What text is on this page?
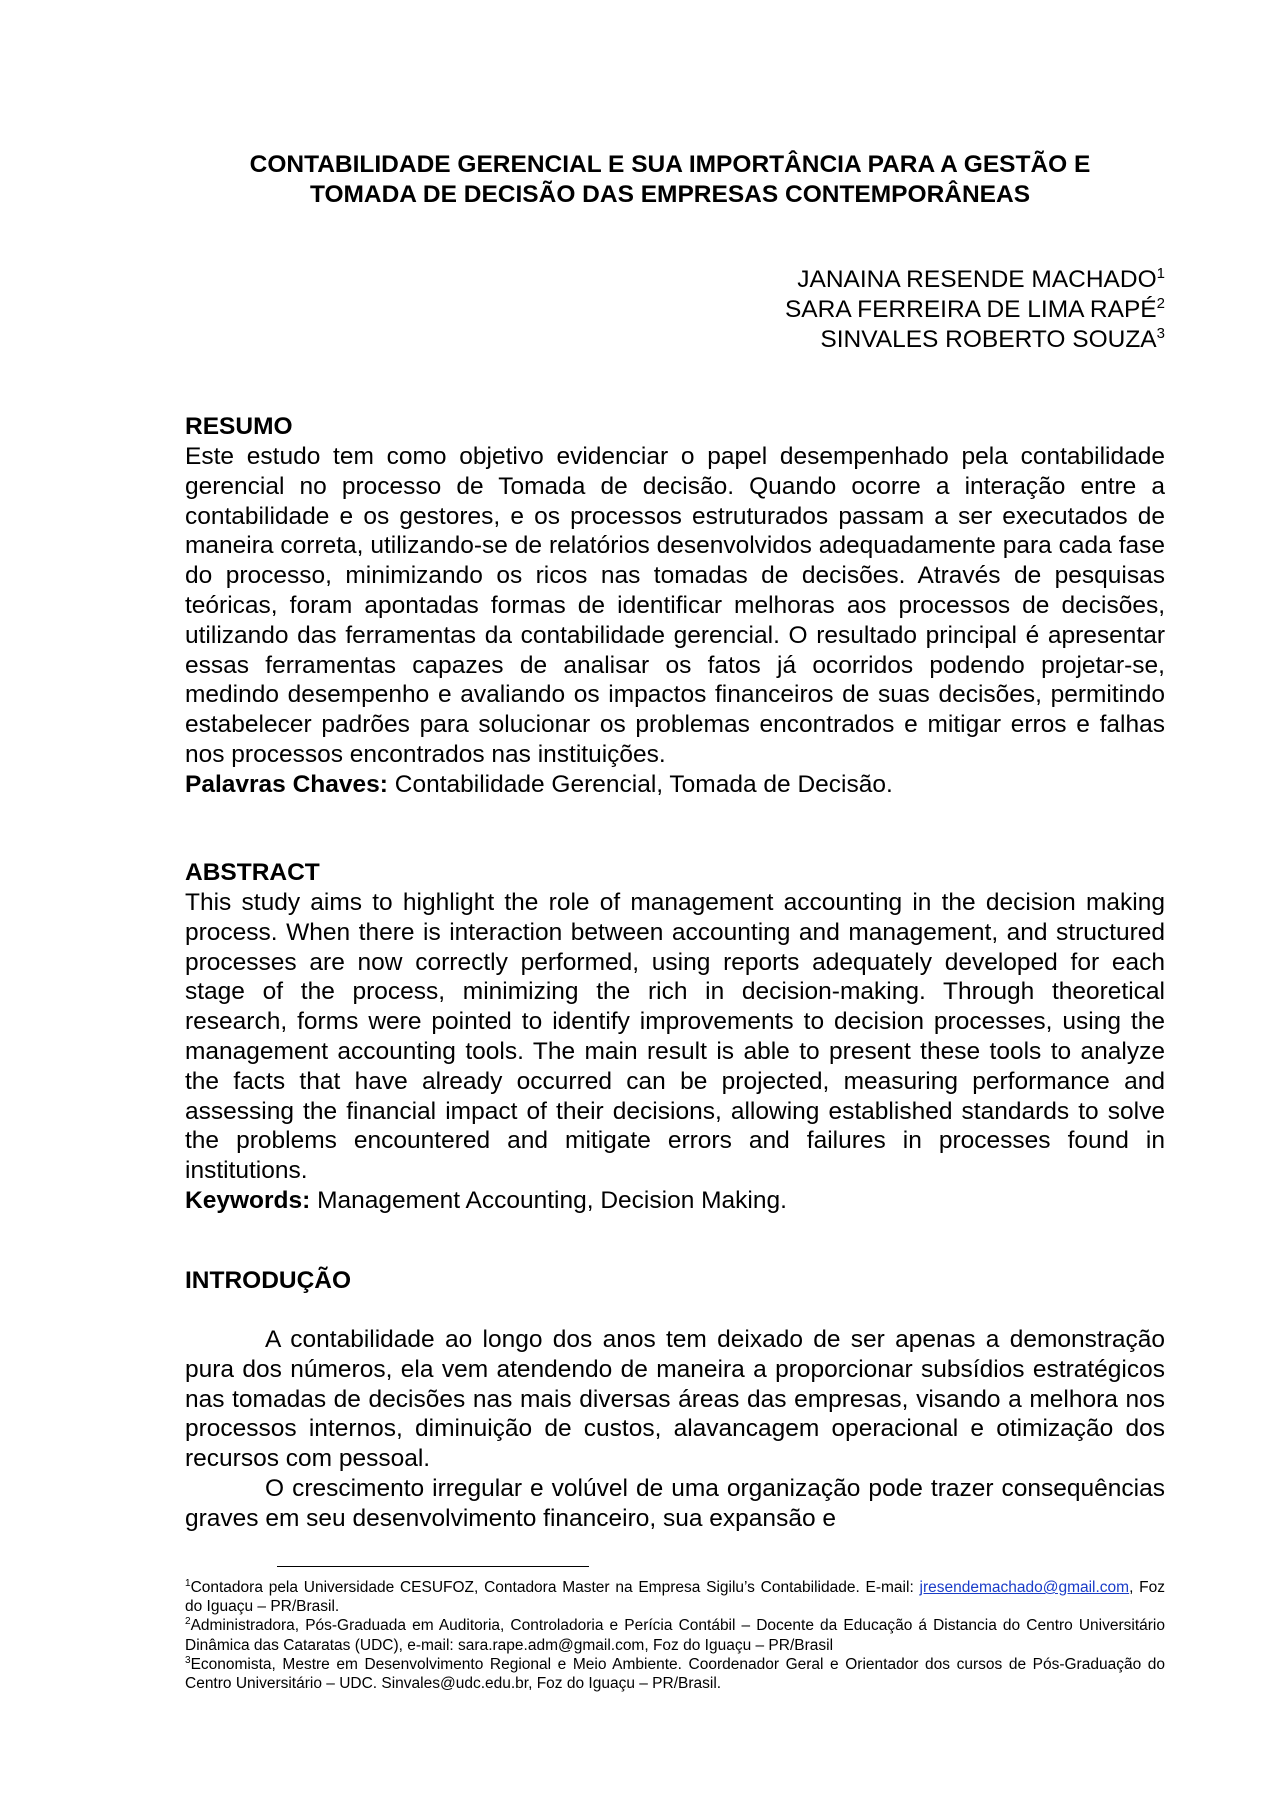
CONTABILIDADE GERENCIAL E SUA IMPORTÂNCIA PARA A GESTÃO E
TOMADA DE DECISÃO DAS EMPRESAS CONTEMPORÂNEAS
JANAINA RESENDE MACHADO$^1$
SARA FERREIRA DE LIMA RAPÉ$^2$
SINVALES ROBERTO SOUZA$^3$
RESUMO
Este estudo tem como objetivo evidenciar o papel desempenhado pela contabilidade gerencial no processo de Tomada de decisão. Quando ocorre a interação entre a contabilidade e os gestores, e os processos estruturados passam a ser executados de maneira correta, utilizando-se de relatórios desenvolvidos adequadamente para cada fase do processo, minimizando os ricos nas tomadas de decisões. Através de pesquisas teóricas, foram apontadas formas de identificar melhoras aos processos de decisões, utilizando das ferramentas da contabilidade gerencial. O resultado principal é apresentar essas ferramentas capazes de analisar os fatos já ocorridos podendo projetar-se, medindo desempenho e avaliando os impactos financeiros de suas decisões, permitindo estabelecer padrões para solucionar os problemas encontrados e mitigar erros e falhas nos processos encontrados nas instituições.
Palavras Chaves: Contabilidade Gerencial, Tomada de Decisão.
ABSTRACT
This study aims to highlight the role of management accounting in the decision making process. When there is interaction between accounting and management, and structured processes are now correctly performed, using reports adequately developed for each stage of the process, minimizing the rich in decision-making. Through theoretical research, forms were pointed to identify improvements to decision processes, using the management accounting tools. The main result is able to present these tools to analyze the facts that have already occurred can be projected, measuring performance and assessing the financial impact of their decisions, allowing established standards to solve the problems encountered and mitigate errors and failures in processes found in institutions.
Keywords: Management Accounting, Decision Making.
INTRODUÇÃO
A contabilidade ao longo dos anos tem deixado de ser apenas a demonstração pura dos números, ela vem atendendo de maneira a proporcionar subsídios estratégicos nas tomadas de decisões nas mais diversas áreas das empresas, visando a melhora nos processos internos, diminuição de custos, alavancagem operacional e otimização dos recursos com pessoal.
O crescimento irregular e volúvel de uma organização pode trazer consequências graves em seu desenvolvimento financeiro, sua expansão e

$^1$Contadora pela Universidade CESUFOZ, Contadora Master na Empresa Sigilu’s Contabilidade. E-mail: jresendemachado@gmail.com, Foz do Iguaçu – PR/Brasil.

$^2$Administradora, Pós-Graduada em Auditoria, Controladoria e Perícia Contábil – Docente da Educação á Distancia do Centro Universitário Dinâmica das Cataratas (UDC), e-mail: sara.rape.adm@gmail.com, Foz do Iguaçu – PR/Brasil

$^3$Economista, Mestre em Desenvolvimento Regional e Meio Ambiente. Coordenador Geral e Orientador dos cursos de Pós-Graduação do Centro Universitário – UDC. Sinvales@udc.edu.br, Foz do Iguaçu – PR/Brasil.
